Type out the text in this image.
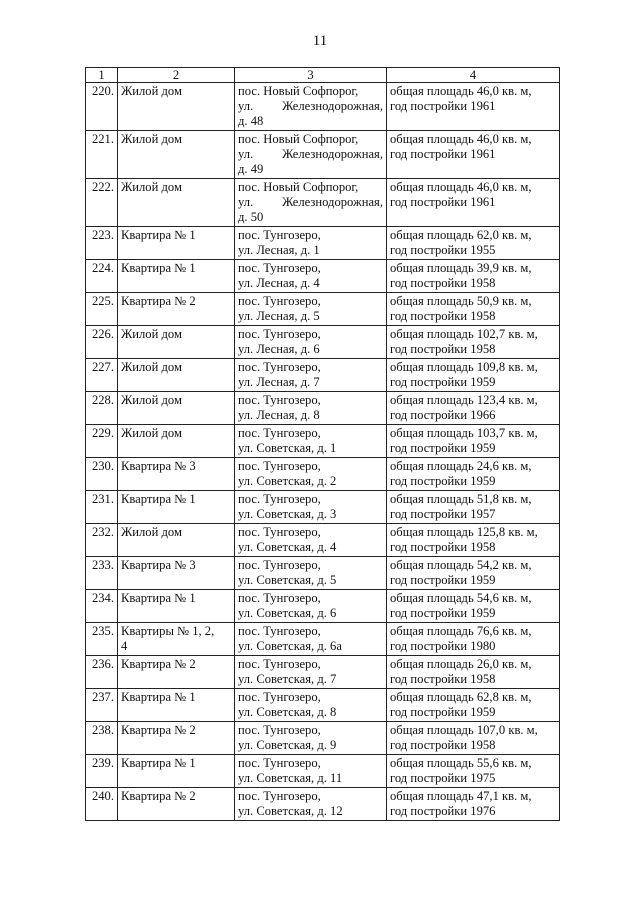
11
1	2	3	4
220.	Жилой дом	пос. Новый Софпорог,
ул. Железнодорожная,
д. 48	общая площадь 46,0 кв. м,
год постройки 1961

221.	Жилой дом	пос. Новый Софпорог,
ул. Железнодорожная,
д. 49	общая площадь 46,0 кв. м,
год постройки 1961

222.	Жилой дом	пос. Новый Софпорог,
ул. Железнодорожная,
д. 50	общая площадь 46,0 кв. м,
год постройки 1961

223.	Квартира № 1	пос. Тунгозеро,
ул. Лесная, д. 1	общая площадь 62,0 кв. м,
год постройки 1955

224.	Квартира № 1	пос. Тунгозеро,
ул. Лесная, д. 4	общая площадь 39,9 кв. м,
год постройки 1958

225.	Квартира № 2	пос. Тунгозеро,
ул. Лесная, д. 5	общая площадь 50,9 кв. м,
год постройки 1958

226.	Жилой дом	пос. Тунгозеро,
ул. Лесная, д. 6	общая площадь 102,7 кв. м,
год постройки 1958

227.	Жилой дом	пос. Тунгозеро,
ул. Лесная, д. 7	общая площадь 109,8 кв. м,
год постройки 1959

228.	Жилой дом	пос. Тунгозеро,
ул. Лесная, д. 8	общая площадь 123,4 кв. м,
год постройки 1966

229.	Жилой дом	пос. Тунгозеро,
ул. Советская, д. 1	общая площадь 103,7 кв. м,
год постройки 1959

230.	Квартира № 3	пос. Тунгозеро,
ул. Советская, д. 2	общая площадь 24,6 кв. м,
год постройки 1959

231.	Квартира № 1	пос. Тунгозеро,
ул. Советская, д. 3	общая площадь 51,8 кв. м,
год постройки 1957

232.	Жилой дом	пос. Тунгозеро,
ул. Советская, д. 4	общая площадь 125,8 кв. м,
год постройки 1958

233.	Квартира № 3	пос. Тунгозеро,
ул. Советская, д. 5	общая площадь 54,2 кв. м,
год постройки 1959

234.	Квартира № 1	пос. Тунгозеро,
ул. Советская, д. 6	общая площадь 54,6 кв. м,
год постройки 1959

235.	Квартиры № 1, 2,
4	пос. Тунгозеро,
ул. Советская, д. 6а	общая площадь 76,6 кв. м,
год постройки 1980

236.	Квартира № 2	пос. Тунгозеро,
ул. Советская, д. 7	общая площадь 26,0 кв. м,
год постройки 1958

237.	Квартира № 1	пос. Тунгозеро,
ул. Советская, д. 8	общая площадь 62,8 кв. м,
год постройки 1959

238.	Квартира № 2	пос. Тунгозеро,
ул. Советская, д. 9	общая площадь 107,0 кв. м,
год постройки 1958

239.	Квартира № 1	пос. Тунгозеро,
ул. Советская, д. 11	общая площадь 55,6 кв. м,
год постройки 1975

240.	Квартира № 2	пос. Тунгозеро,
ул. Советская, д. 12	общая площадь 47,1 кв. м,
год постройки 1976
